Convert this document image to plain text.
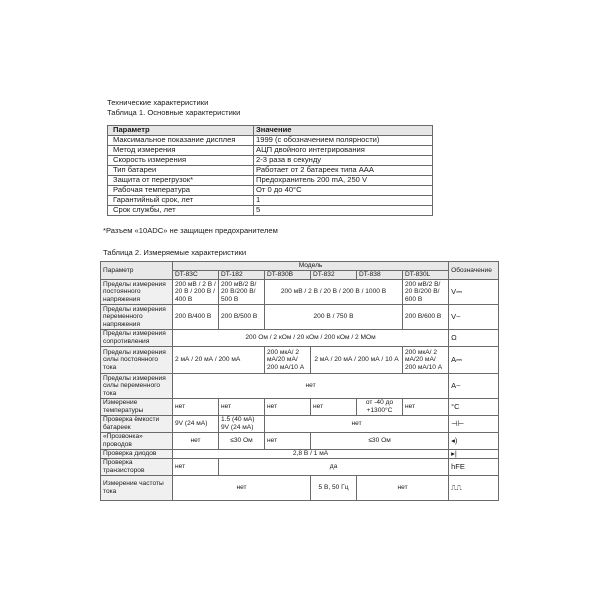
Технические характеристики
Таблица 1. Основные характеристики
Параметр	Значение
Максимальное показание дисплея	1999 (с обозначением полярности)
Метод измерения	АЦП двойного интегрирования
Скорость измерения	2-3 раза в секунду
Тип батареи	Работает от 2 батареек типа AAA
Защита от перегрузок*	Предохранитель 200 mA, 250 V
Рабочая температура	От 0 до 40°С
Гарантийный срок, лет	1
Срок службы, лет	5
*Разъем «10ADC» не защищен предохранителем
Таблица 2. Измеряемые характеристики
Параметр	Модель						Обозначение
	DT-83C	DT-182	DT-830B	DT-832	DT-838	DT-830L	
Пределы измерения постоянного напряжения	200 мВ / 2 В / 20 В / 200 В / 400 В	200 мВ/2 В/ 20 В/200 В/ 500 В	200 мВ / 2 В / 20 В / 200 В / 1000 В			200 мВ/2 В/ 20 В/200 В/ 600 В	V⎓
Пределы измерения переменного напряжения	200 В/400 В	200 В/500 В	200 В / 750 В			200 В/600 В	V~
Пределы измерения сопротивления	200 Ом / 2 кОм / 20 кОм / 200 кОм / 2 МОм						Ω
Пределы измерения силы постоянного тока	2 мА / 20 мА / 200 мА		200 мкА/ 2 мА/20 мА/ 200 мА/10 А	2 мА / 20 мА / 200 мА / 10 А		200 мкА/ 2 мА/20 мА/ 200 мА/10 А	A⎓
Пределы измерения силы переменного тока	нет						A~
Измерение температуры	нет	нет	нет	нет	от -40 до +1300°С	нет	°С
Проверка ёмкости батареек	9V (24 мА)	1.5 (40 мА) 9V (24 мА)	нет				⊣⊢
«Прозвонка» проводов	нет	≤30 Ом	нет	≤30 Ом			◂)
Проверка диодов	2,8 В / 1 мА						▸|
Проверка транзисторов	нет	да					hFE
Измерение частоты тока	нет			5 В, 50 Гц	нет		⎍⎍
